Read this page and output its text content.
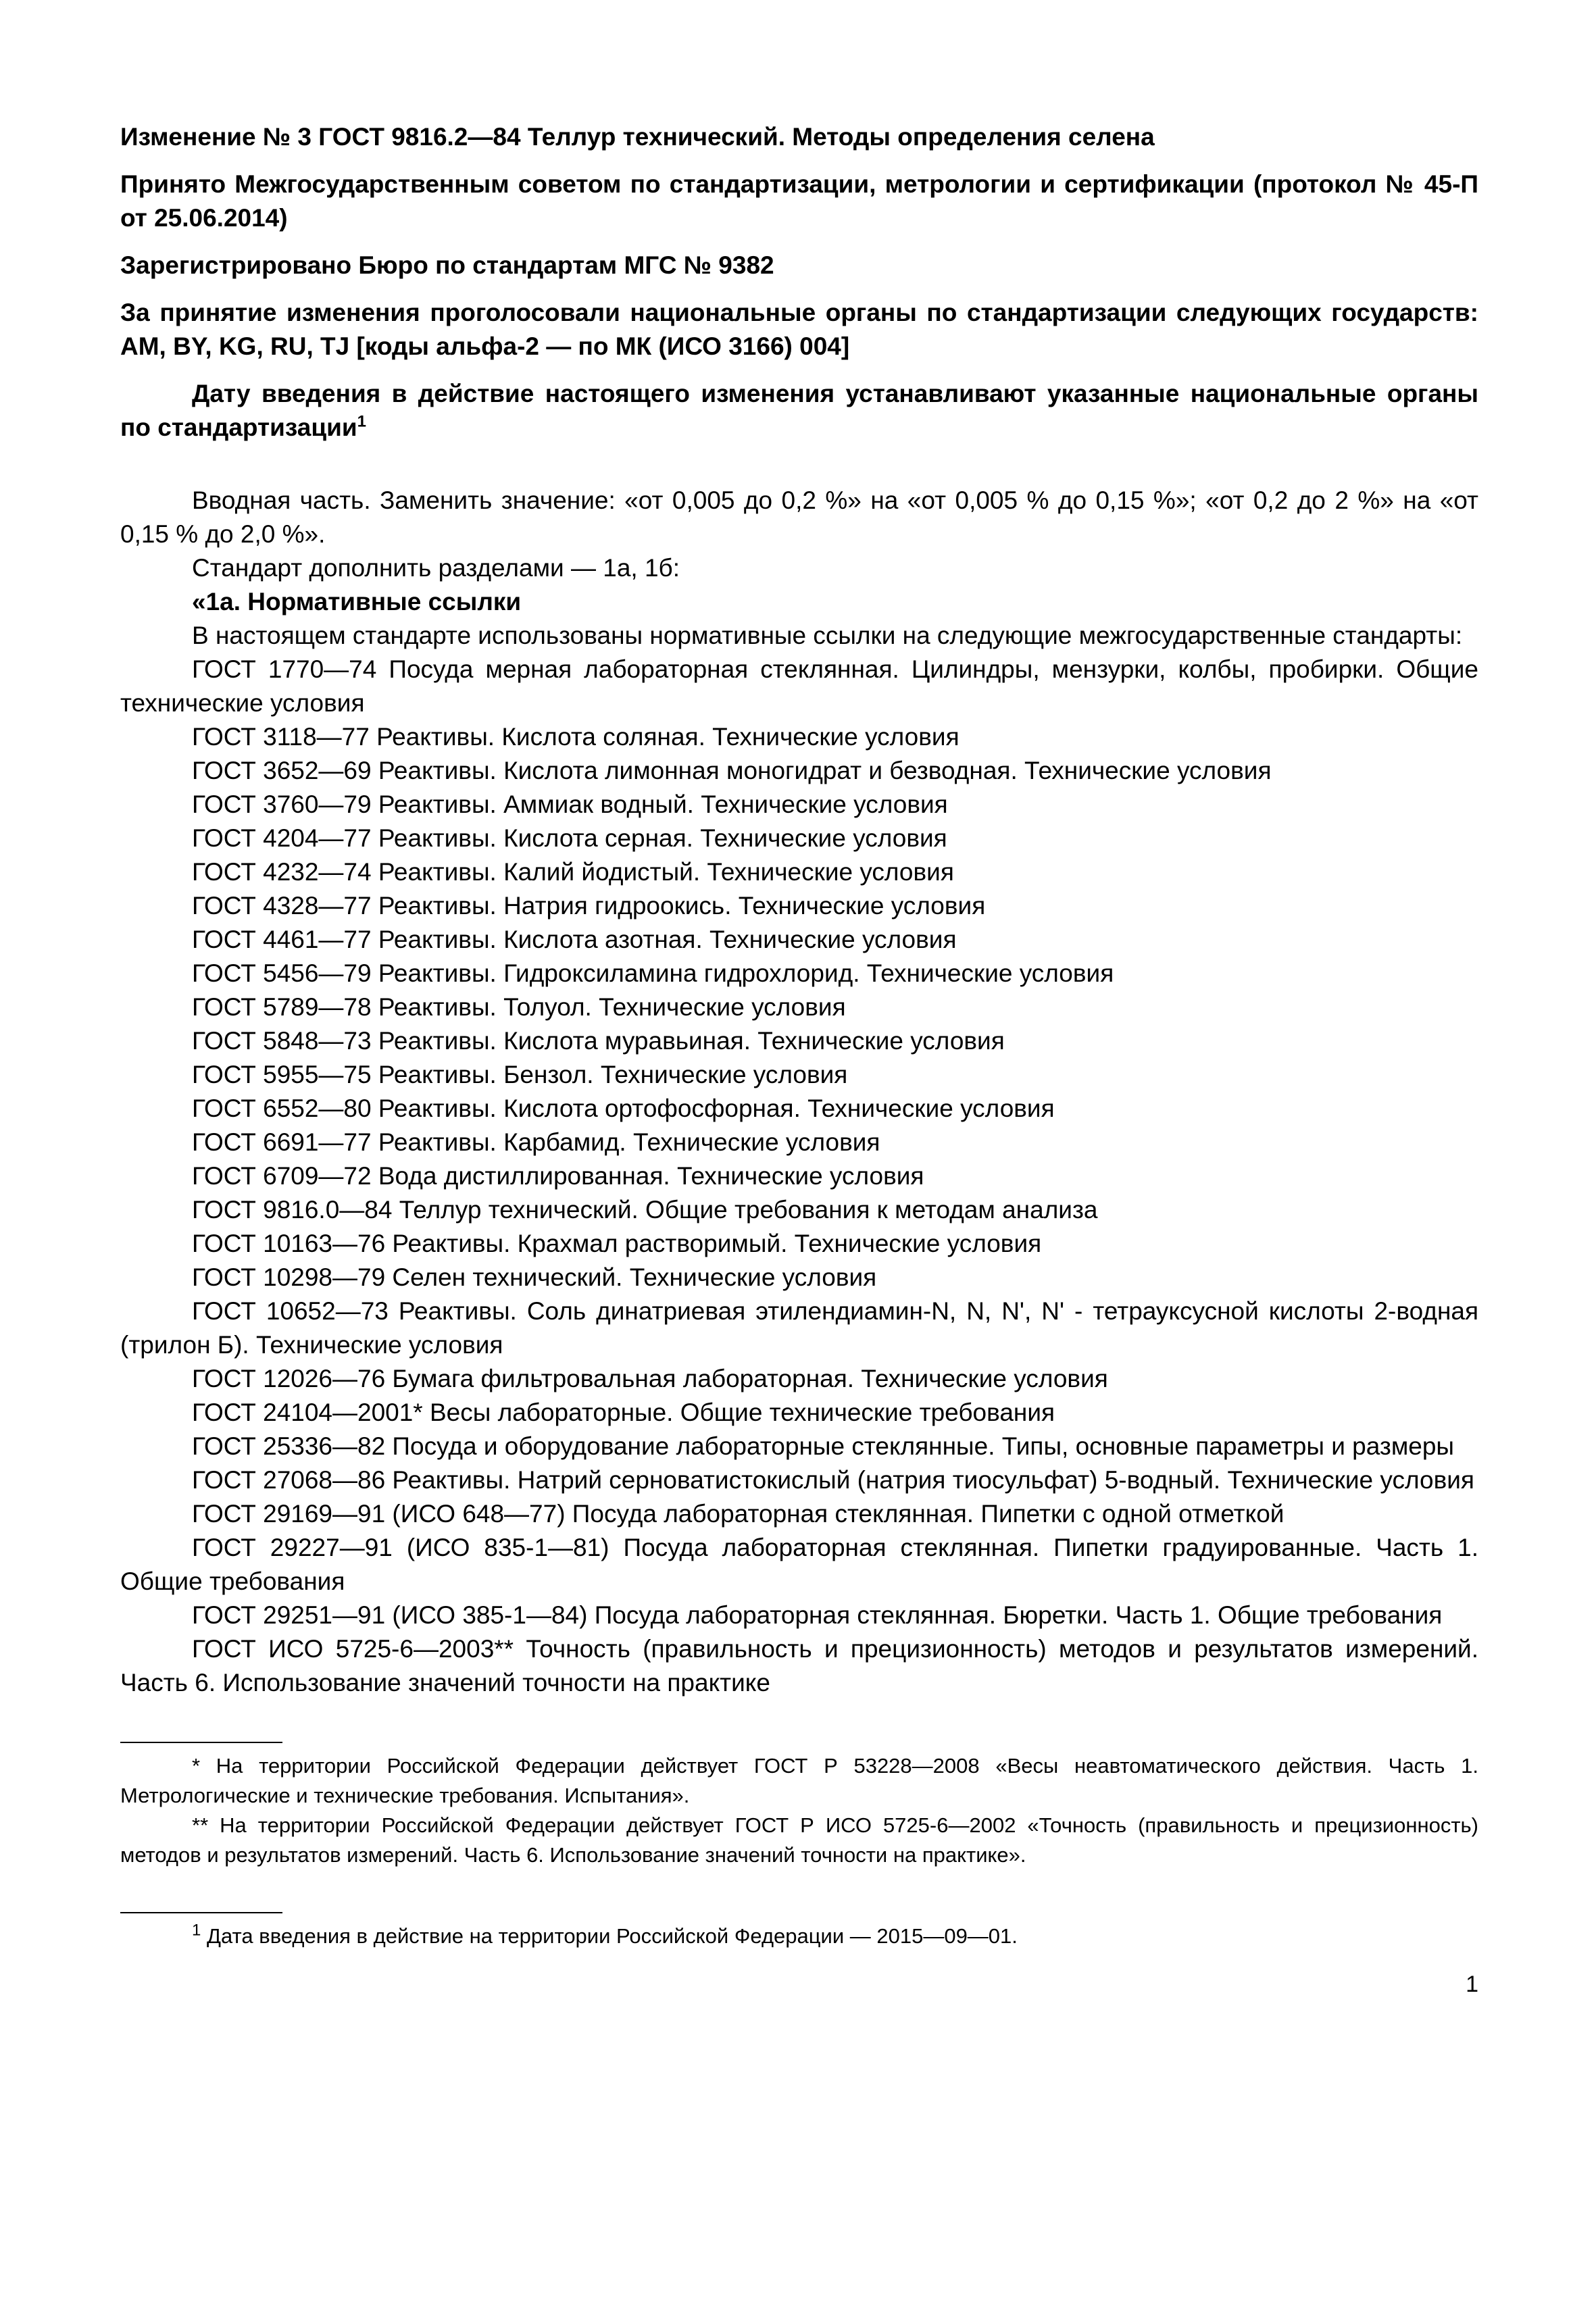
Изменение № 3 ГОСТ 9816.2—84 Теллур технический. Методы определения селена

Принято Межгосударственным советом по стандартизации, метрологии и сертификации (протокол № 45-П от 25.06.2014)

Зарегистрировано Бюро по стандартам МГС № 9382

За принятие изменения проголосовали национальные органы по стандартизации следующих государств: AM, BY, KG, RU, TJ [коды альфа-2 — по МК (ИСО 3166) 004]

Дату введения в действие настоящего изменения устанавливают указанные национальные органы по стандартизации$^1$

Вводная часть. Заменить значение: «от 0,005 до 0,2 %» на «от 0,005 % до 0,15 %»; «от 0,2 до 2 %» на «от 0,15 % до 2,0 %».

Стандарт дополнить разделами — 1а, 1б:

«1а. Нормативные ссылки

В настоящем стандарте использованы нормативные ссылки на следующие межгосударственные стандарты:

ГОСТ 1770—74 Посуда мерная лабораторная стеклянная. Цилиндры, мензурки, колбы, пробирки. Общие технические условия

ГОСТ 3118—77 Реактивы. Кислота соляная. Технические условия

ГОСТ 3652—69 Реактивы. Кислота лимонная моногидрат и безводная. Технические условия

ГОСТ 3760—79 Реактивы. Аммиак водный. Технические условия

ГОСТ 4204—77 Реактивы. Кислота серная. Технические условия

ГОСТ 4232—74 Реактивы. Калий йодистый. Технические условия

ГОСТ 4328—77 Реактивы. Натрия гидроокись. Технические условия

ГОСТ 4461—77 Реактивы. Кислота азотная. Технические условия

ГОСТ 5456—79 Реактивы. Гидроксиламина гидрохлорид. Технические условия

ГОСТ 5789—78 Реактивы. Толуол. Технические условия

ГОСТ 5848—73 Реактивы. Кислота муравьиная. Технические условия

ГОСТ 5955—75 Реактивы. Бензол. Технические условия

ГОСТ 6552—80 Реактивы. Кислота ортофосфорная. Технические условия

ГОСТ 6691—77 Реактивы. Карбамид. Технические условия

ГОСТ 6709—72 Вода дистиллированная. Технические условия

ГОСТ 9816.0—84 Теллур технический. Общие требования к методам анализа

ГОСТ 10163—76 Реактивы. Крахмал растворимый. Технические условия

ГОСТ 10298—79 Селен технический. Технические условия

ГОСТ 10652—73 Реактивы. Соль динатриевая этилендиамин-N, N, N', N' - тетрауксусной кислоты 2-водная (трилон Б). Технические условия

ГОСТ 12026—76 Бумага фильтровальная лабораторная. Технические условия

ГОСТ 24104—2001* Весы лабораторные. Общие технические требования

ГОСТ 25336—82 Посуда и оборудование лабораторные стеклянные. Типы, основные параметры и размеры

ГОСТ 27068—86 Реактивы. Натрий серноватистокислый (натрия тиосульфат) 5-водный. Технические условия

ГОСТ 29169—91 (ИСО 648—77) Посуда лабораторная стеклянная. Пипетки с одной отметкой

ГОСТ 29227—91 (ИСО 835-1—81) Посуда лабораторная стеклянная. Пипетки градуированные. Часть 1. Общие требования

ГОСТ 29251—91 (ИСО 385-1—84) Посуда лабораторная стеклянная. Бюретки. Часть 1. Общие требования

ГОСТ ИСО 5725-6—2003** Точность (правильность и прецизионность) методов и результатов измерений. Часть 6. Использование значений точности на практике

* На территории Российской Федерации действует ГОСТ Р 53228—2008 «Весы неавтоматического действия. Часть 1. Метрологические и технические требования. Испытания».

** На территории Российской Федерации действует ГОСТ Р ИСО 5725-6—2002 «Точность (правильность и прецизионность) методов и результатов измерений. Часть 6. Использование значений точности на практике».

$^1$ Дата введения в действие на территории Российской Федерации — 2015—09—01.

1
